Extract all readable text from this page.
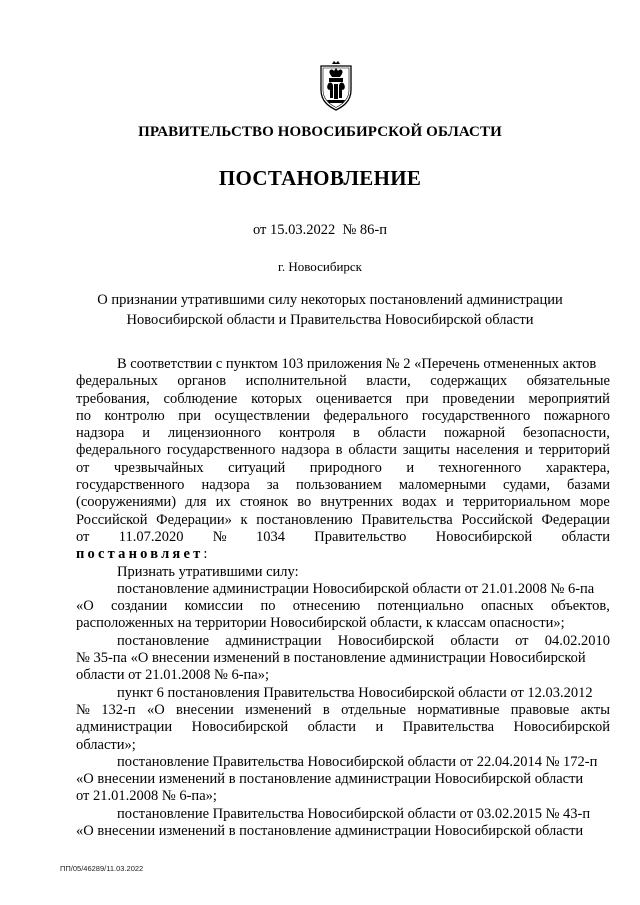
ПРАВИТЕЛЬСТВО НОВОСИБИРСКОЙ ОБЛАСТИ
ПОСТАНОВЛЕНИЕ
от 15.03.2022  № 86-п
г. Новосибирск
О признании утратившими силу некоторых постановлений администрации
Новосибирской области и Правительства Новосибирской области
В соответствии с пунктом 103 приложения № 2 «Перечень отмененных актов
федеральных органов исполнительной власти, содержащих обязательные
требования, соблюдение которых оценивается при проведении мероприятий
по контролю при осуществлении федерального государственного пожарного
надзора и лицензионного контроля в области пожарной безопасности,
федерального государственного надзора в области защиты населения и территорий
от чрезвычайных ситуаций природного и техногенного характера,
государственного надзора за пользованием маломерными судами, базами
(сооружениями) для их стоянок во внутренних водах и территориальном море
Российской Федерации» к постановлению Правительства Российской Федерации
от 11.07.2020 № 1034 Правительство Новосибирской области
постановляет :
Признать утратившими силу:
постановление администрации Новосибирской области от 21.01.2008 № 6-па
«О создании комиссии по отнесению потенциально опасных объектов,
расположенных на территории Новосибирской области, к классам опасности»;
постановление администрации Новосибирской области от 04.02.2010
№ 35-па «О внесении изменений в постановление администрации Новосибирской
области от 21.01.2008 № 6-па»;
пункт 6 постановления Правительства Новосибирской области от 12.03.2012
№ 132-п «О внесении изменений в отдельные нормативные правовые акты
администрации Новосибирской области и Правительства Новосибирской
области»;
постановление Правительства Новосибирской области от 22.04.2014 № 172-п
«О внесении изменений в постановление администрации Новосибирской области
от 21.01.2008 № 6-па»;
постановление Правительства Новосибирской области от 03.02.2015 № 43-п
«О внесении изменений в постановление администрации Новосибирской области
ПП/05/46289/11.03.2022
